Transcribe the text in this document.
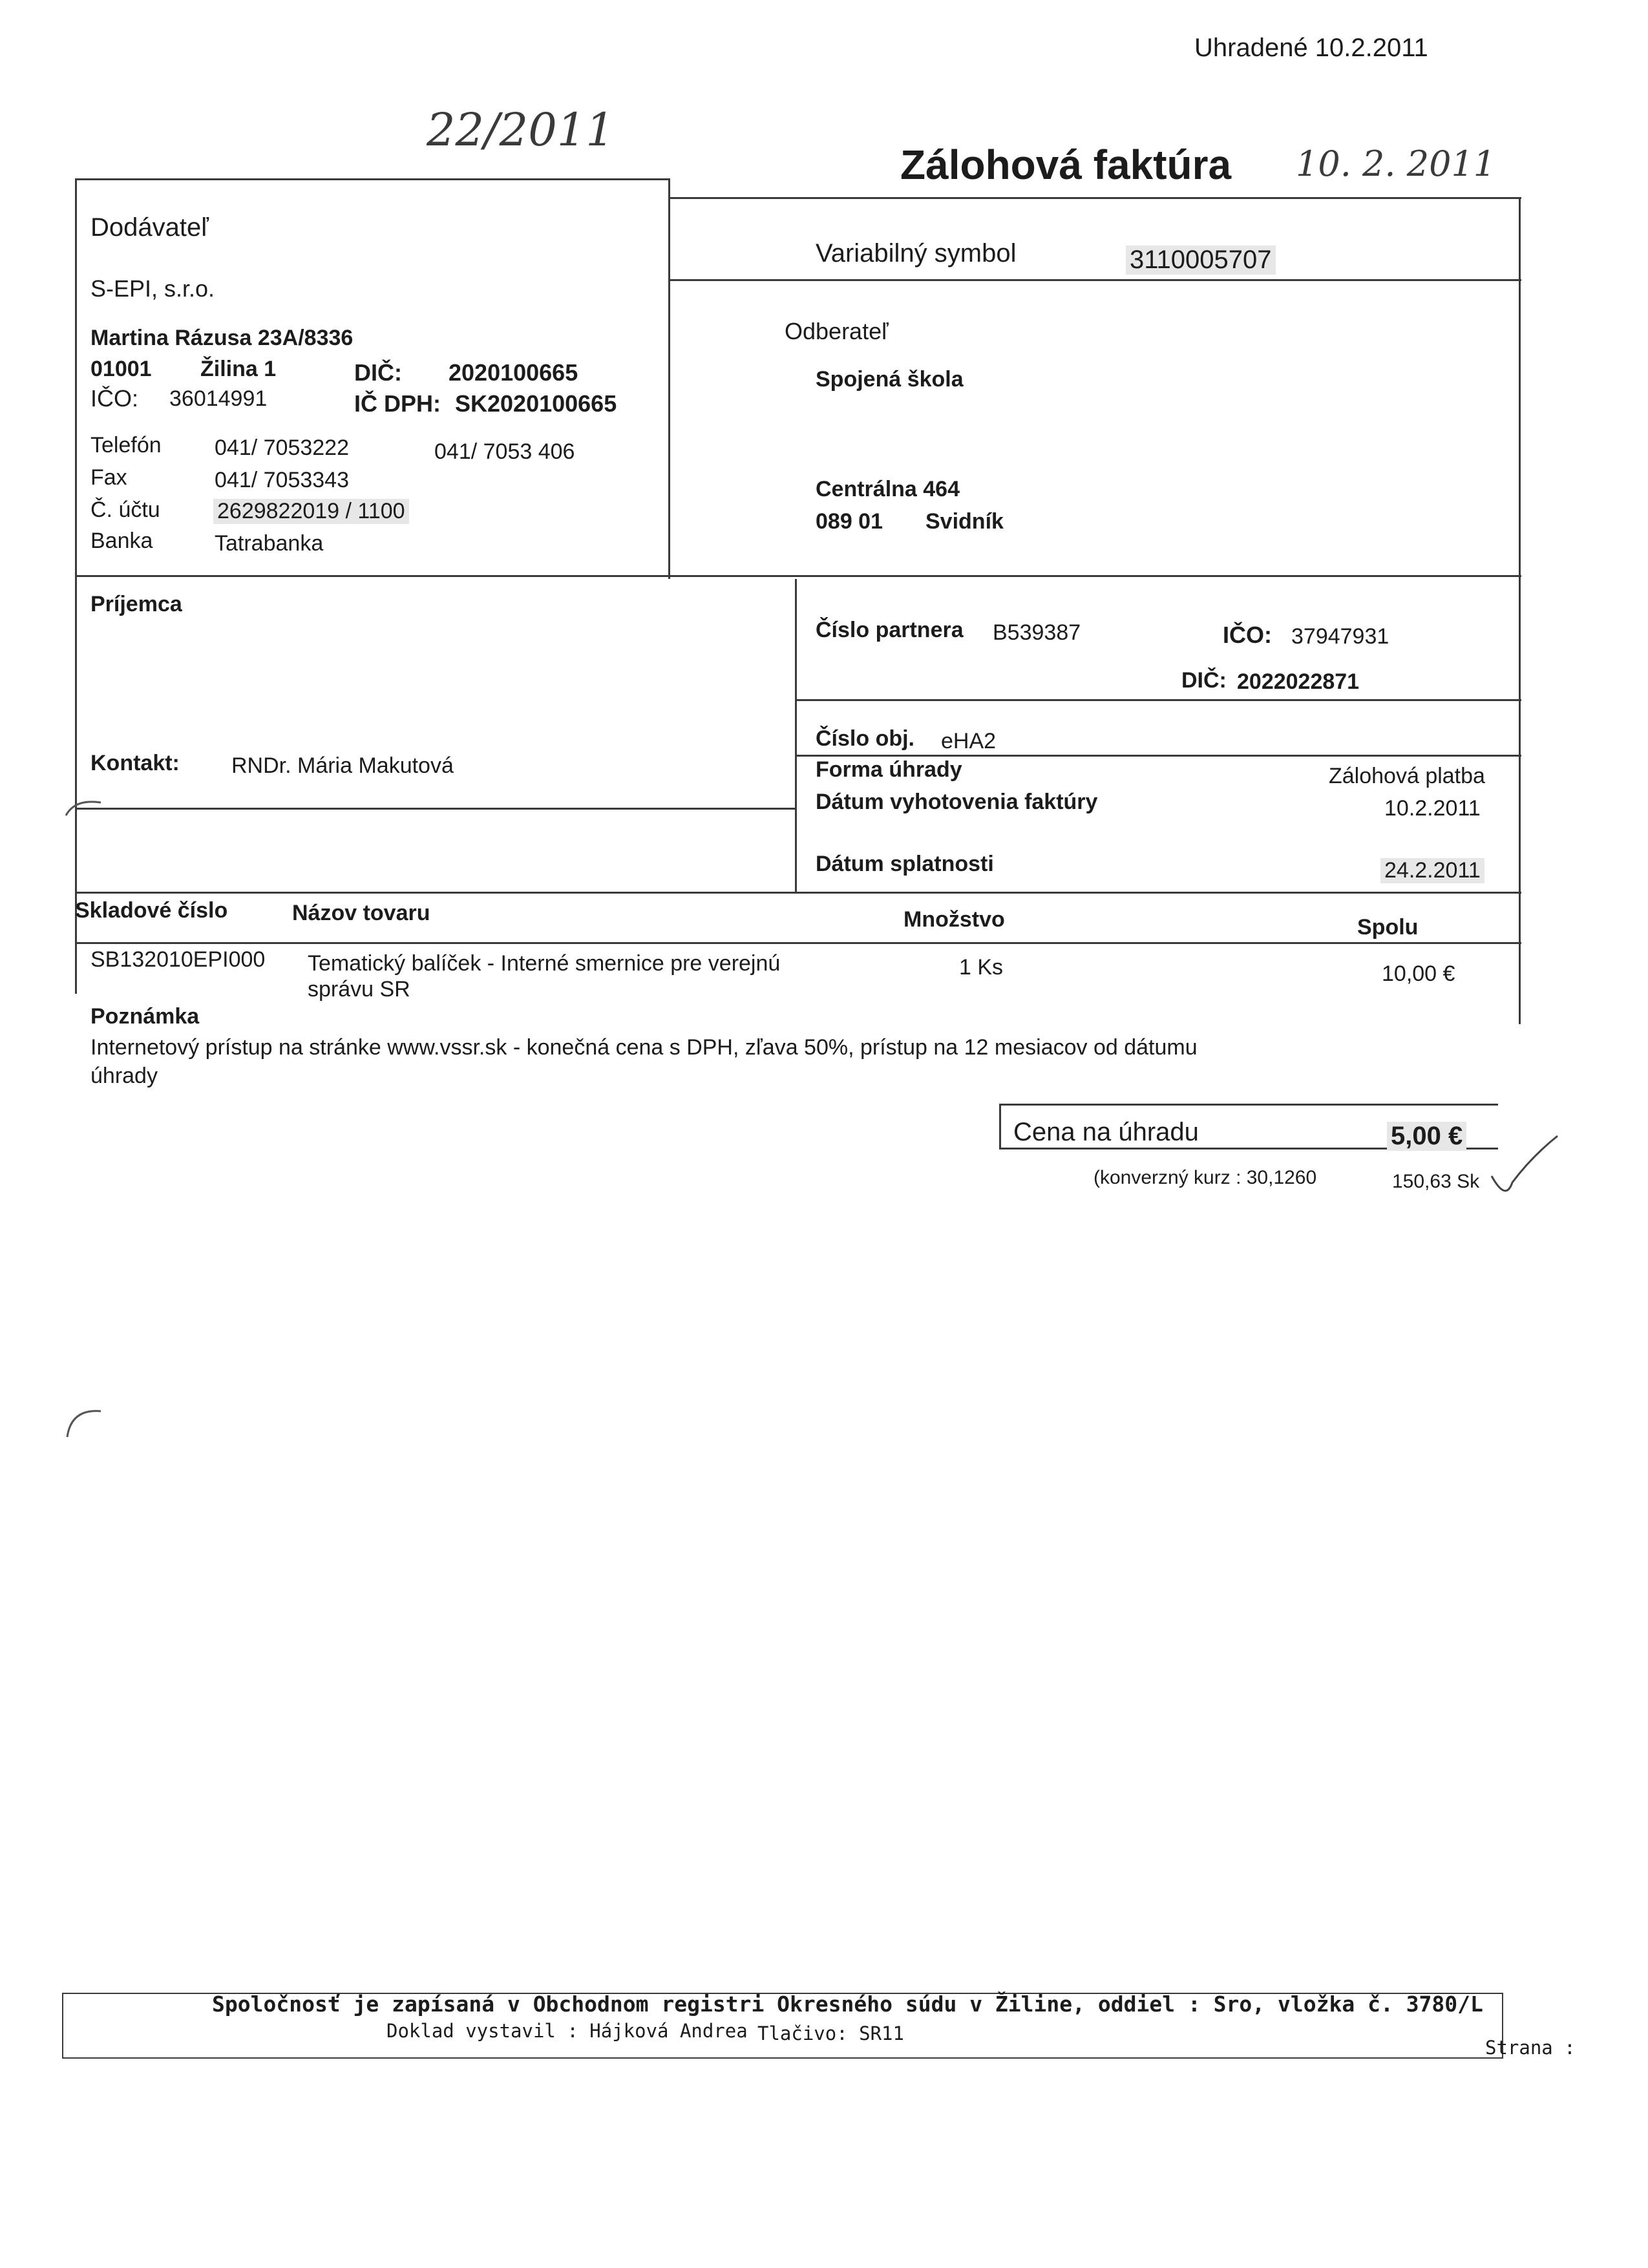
Uhradené 10.2.2011
22/2011
10. 2. 2011
Zálohová faktúra
Dodávateľ
S-EPI, s.r.o.
Martina Rázusa 23A/8336
01001 Žilina 1	DIČ: 2020100665
IČO: 36014991	IČ DPH: SK2020100665
Telefón 041/ 7053222	041/ 7053 406
Fax	041/ 7053343
Č. účtu	2629822019 / 1100
Banka	Tatrabanka
Variabilný symbol	3110005707
Odberateľ
Spojená škola
Centrálna 464
089 01 Svidník
Príjemca
Kontakt: RNDr. Mária Makutová
Číslo partnera B539387	IČO: 37947931
DIČ: 2022022871
Číslo obj. eHA2
Forma úhrady	Zálohová platba
Dátum vyhotovenia faktúry	10.2.2011
Dátum splatnosti	24.2.2011
Skladové číslo	Názov tovaru	Množstvo	Spolu
SB132010EPI000 Tematický balíček - Interné smernice pre verejnú
správu SR
1 Ks	10,00 €
Poznámka
Internetový prístup na stránke www.vssr.sk - konečná cena s DPH, zľava 50%, prístup na 12 mesiacov od dátumu
úhrady
Cena na úhradu	5,00 €
(konverzný kurz : 30,1260	150,63 Sk
Spoločnosť je zapísaná v Obchodnom registri Okresného súdu v Žiline, oddiel : Sro, vložka č. 3780/L
Doklad vystavil : Hájková Andrea Tlačivo: SR11
Strana :
